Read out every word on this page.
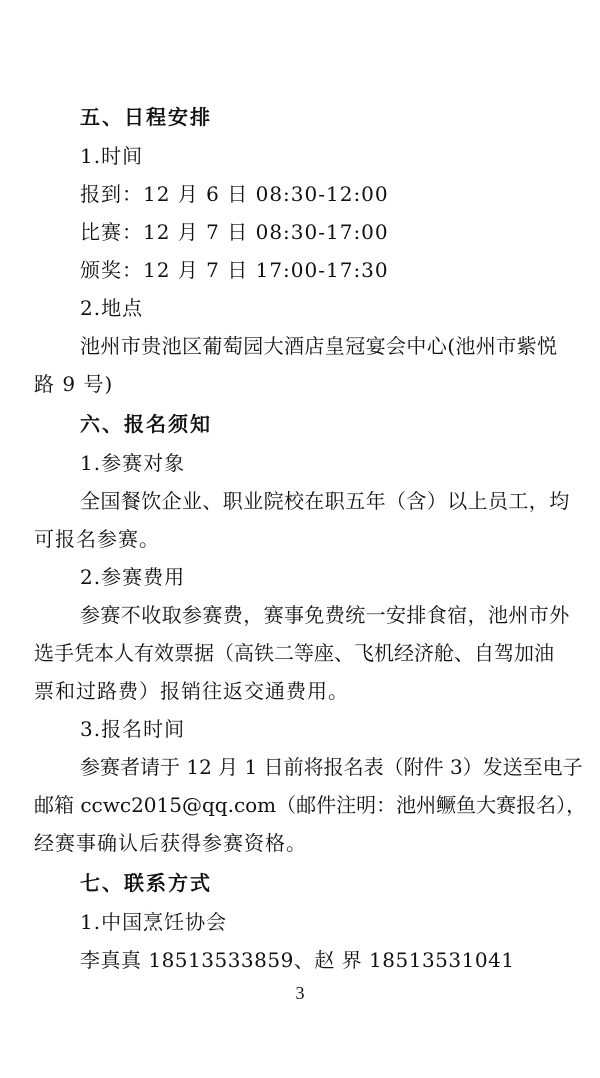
五、日程安排
1.时间
报到：12 月 6 日 08:30-12:00
比赛：12 月 7 日 08:30-17:00
颁奖：12 月 7 日 17:00-17:30
2.地点
池州市贵池区葡萄园大酒店皇冠宴会中心(池州市紫悦
路 9 号)
六、报名须知
1.参赛对象
全国餐饮企业、职业院校在职五年（含）以上员工，均
可报名参赛。
2.参赛费用
参赛不收取参赛费，赛事免费统一安排食宿，池州市外
选手凭本人有效票据（高铁二等座、飞机经济舱、自驾加油
票和过路费）报销往返交通费用。
3.报名时间
参赛者请于 12 月 1 日前将报名表（附件 3）发送至电子
邮箱 ccwc2015@qq.com（邮件注明：池州鳜鱼大赛报名），
经赛事确认后获得参赛资格。
七、联系方式
1.中国烹饪协会
李真真 18513533859、赵 界 18513531041
3
